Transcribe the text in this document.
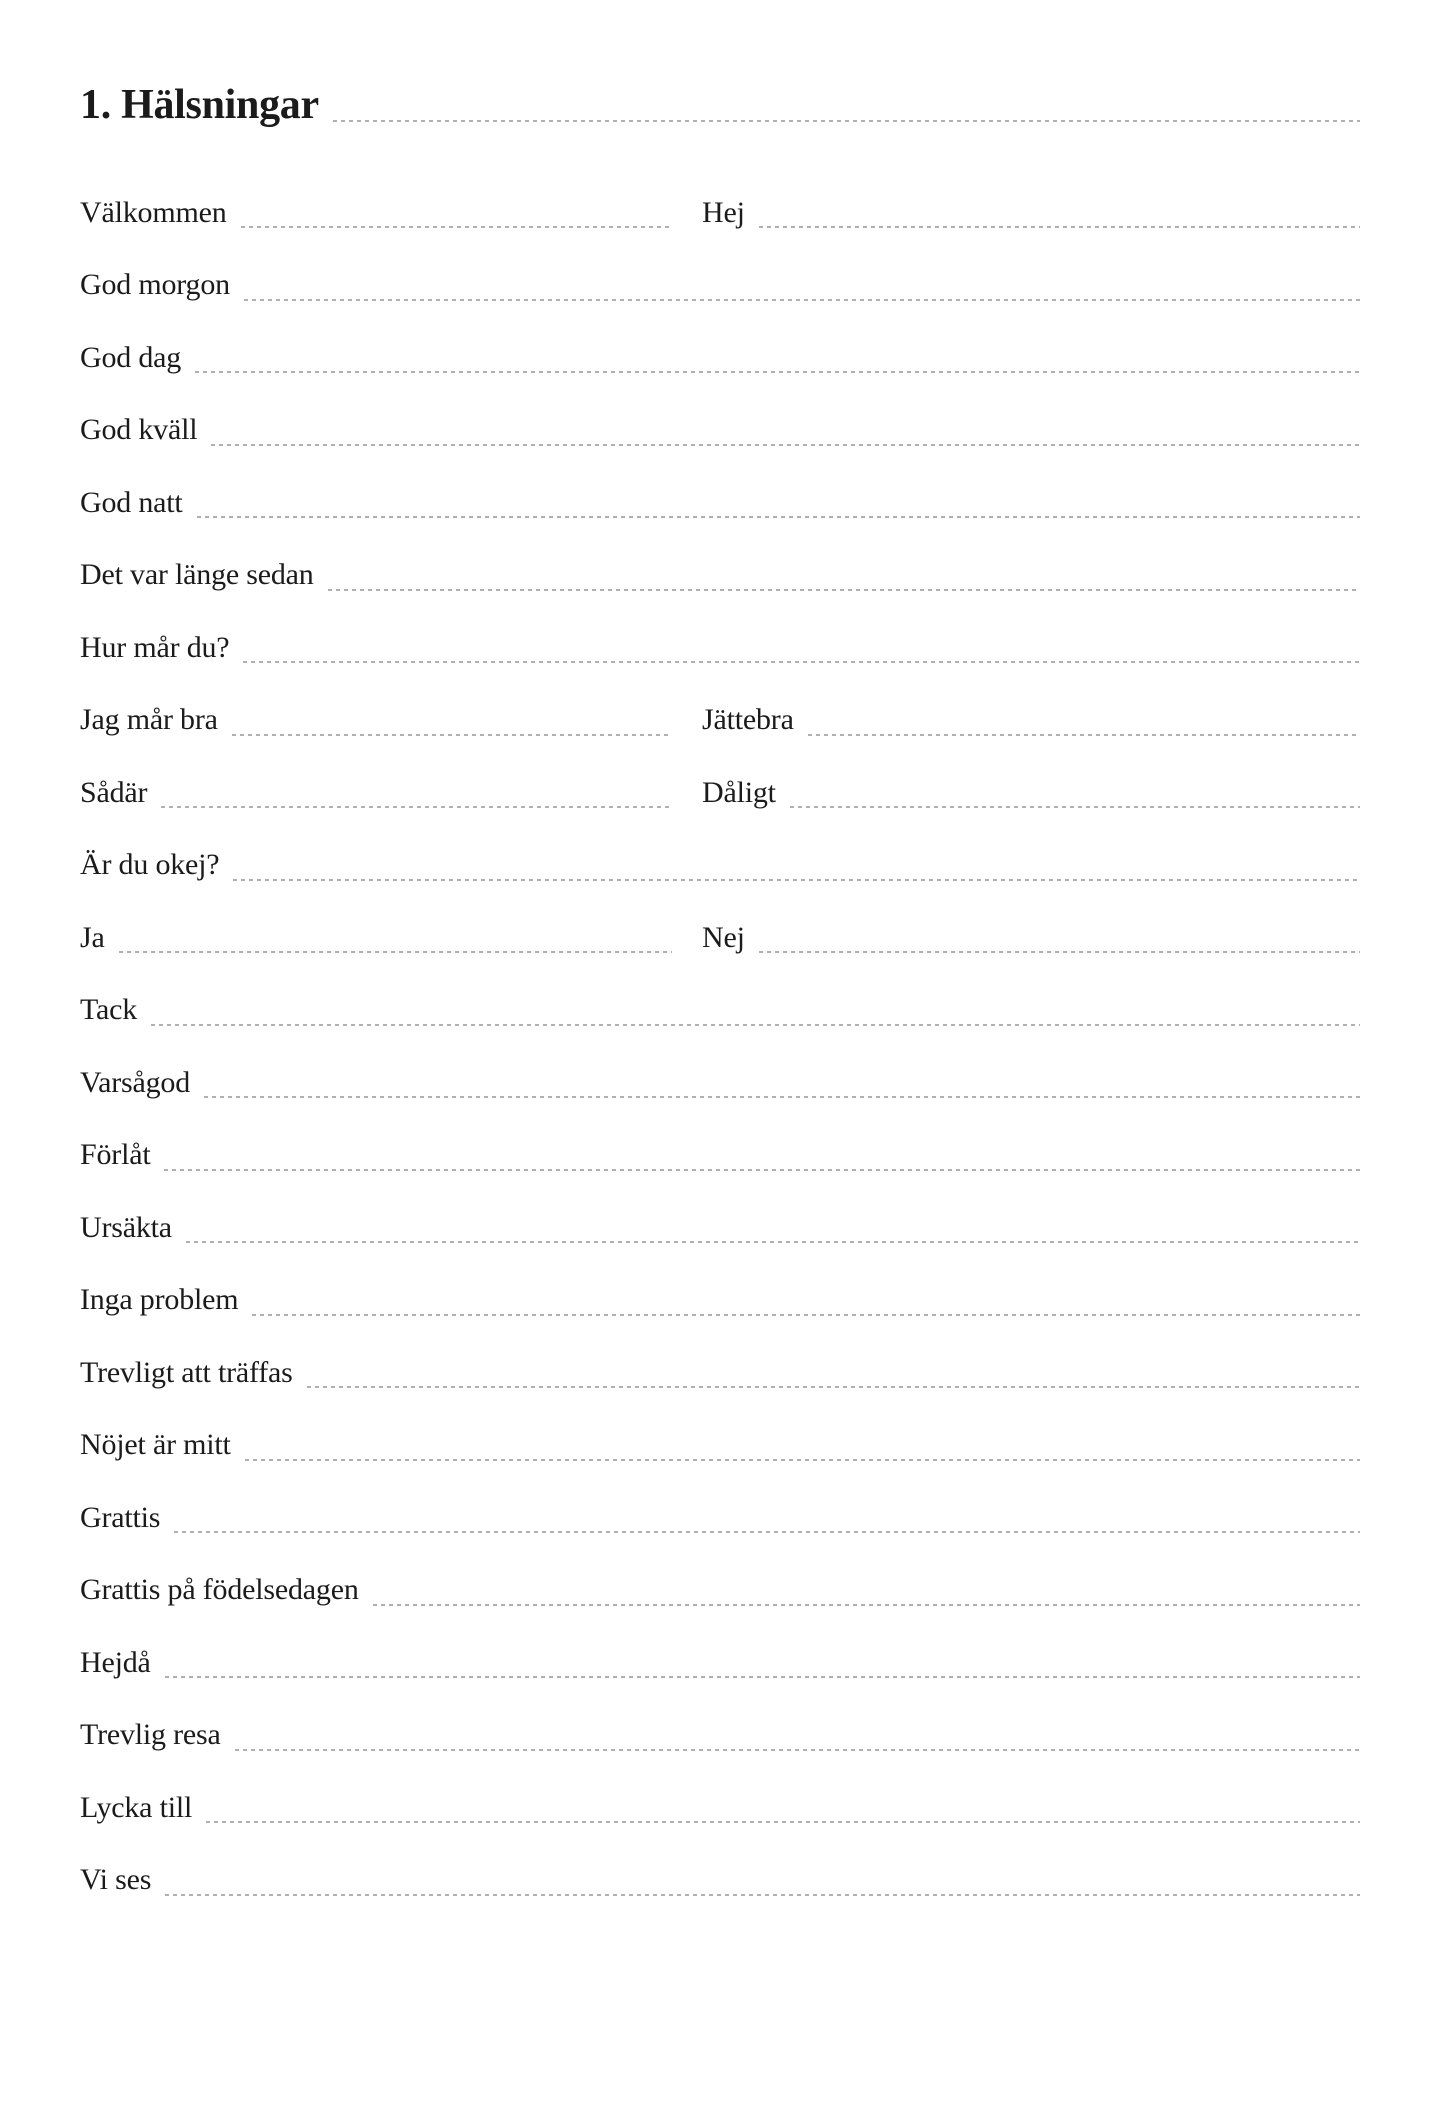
1. Hälsningar
Välkommen	Hej
God morgon
God dag
God kväll
God natt
Det var länge sedan
Hur mår du?
Jag mår bra	Jättebra
Sådär	Dåligt
Är du okej?
Ja	Nej
Tack
Varsågod
Förlåt
Ursäkta
Inga problem
Trevligt att träffas
Nöjet är mitt
Grattis
Grattis på födelsedagen
Hejdå
Trevlig resa
Lycka till
Vi ses
